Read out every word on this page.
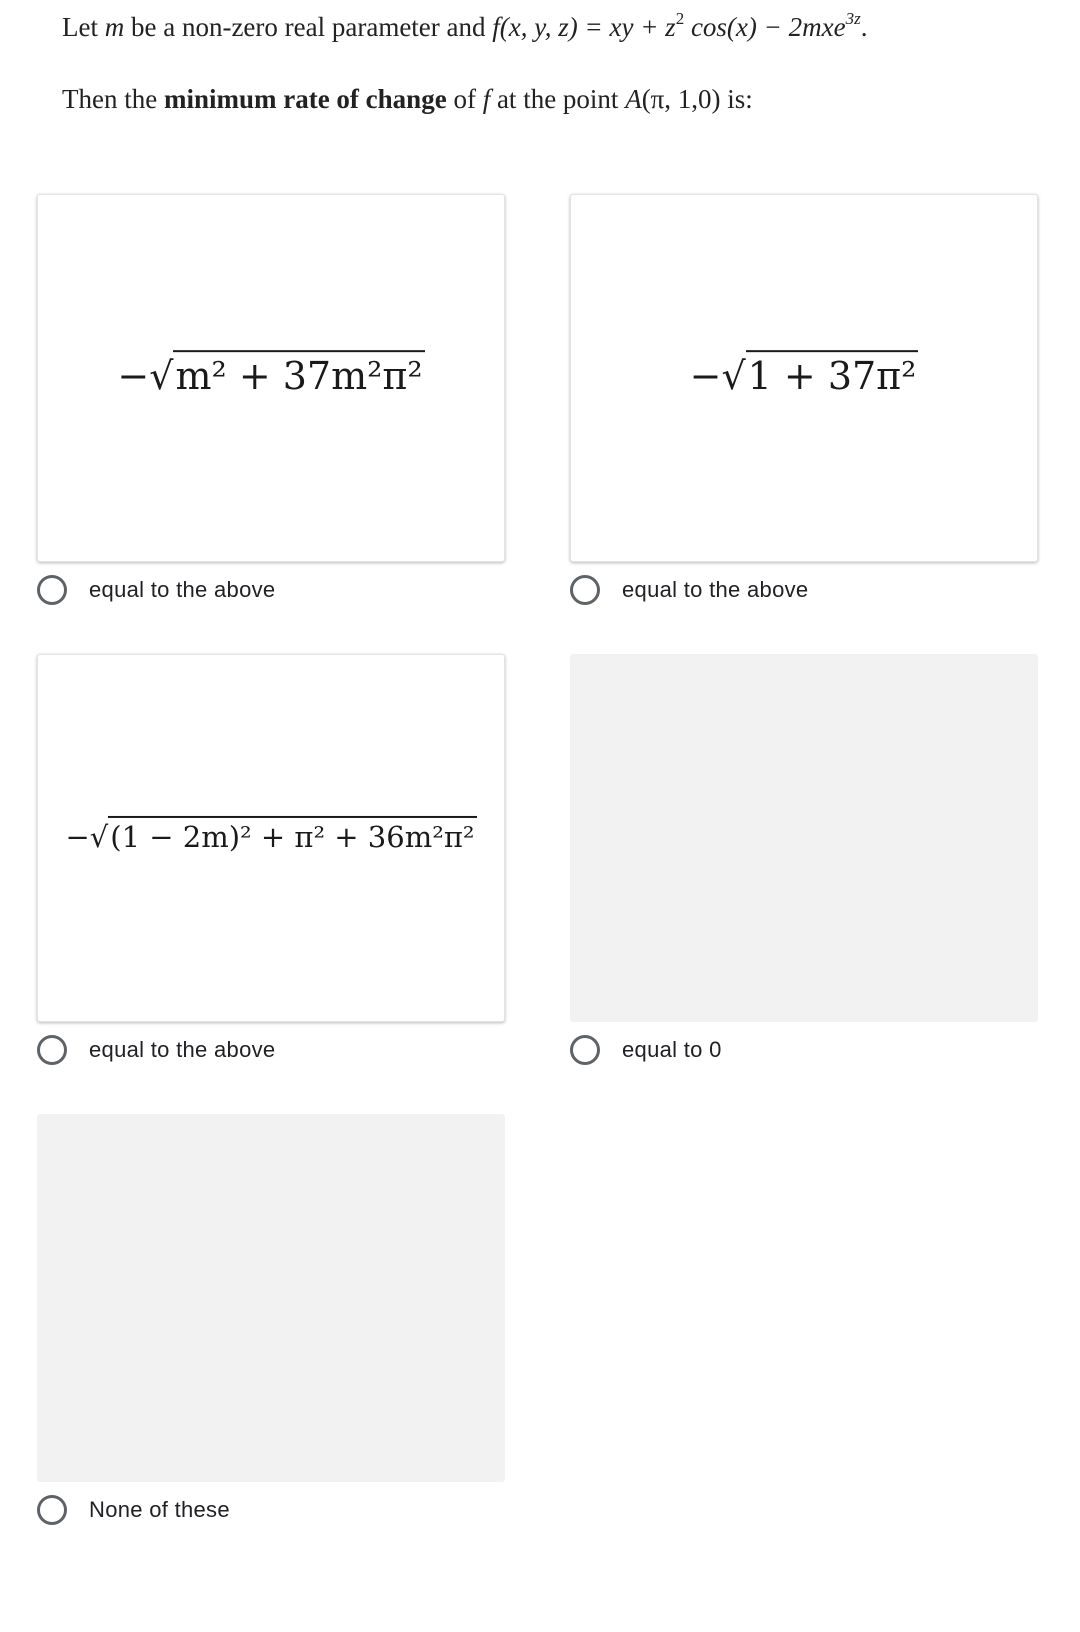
Let m be a non-zero real parameter and f(x, y, z) = xy + $z^2$ cos(x) − 2mxe$^{3z}$.
Then the minimum rate of change of f at the point A(π, 1,0) is:
−√m² + 37m²π²
equal to the above
−√1 + 37π²
equal to the above
−√(1 − 2m)² + π² + 36m²π²
equal to the above	equal to 0
None of these
